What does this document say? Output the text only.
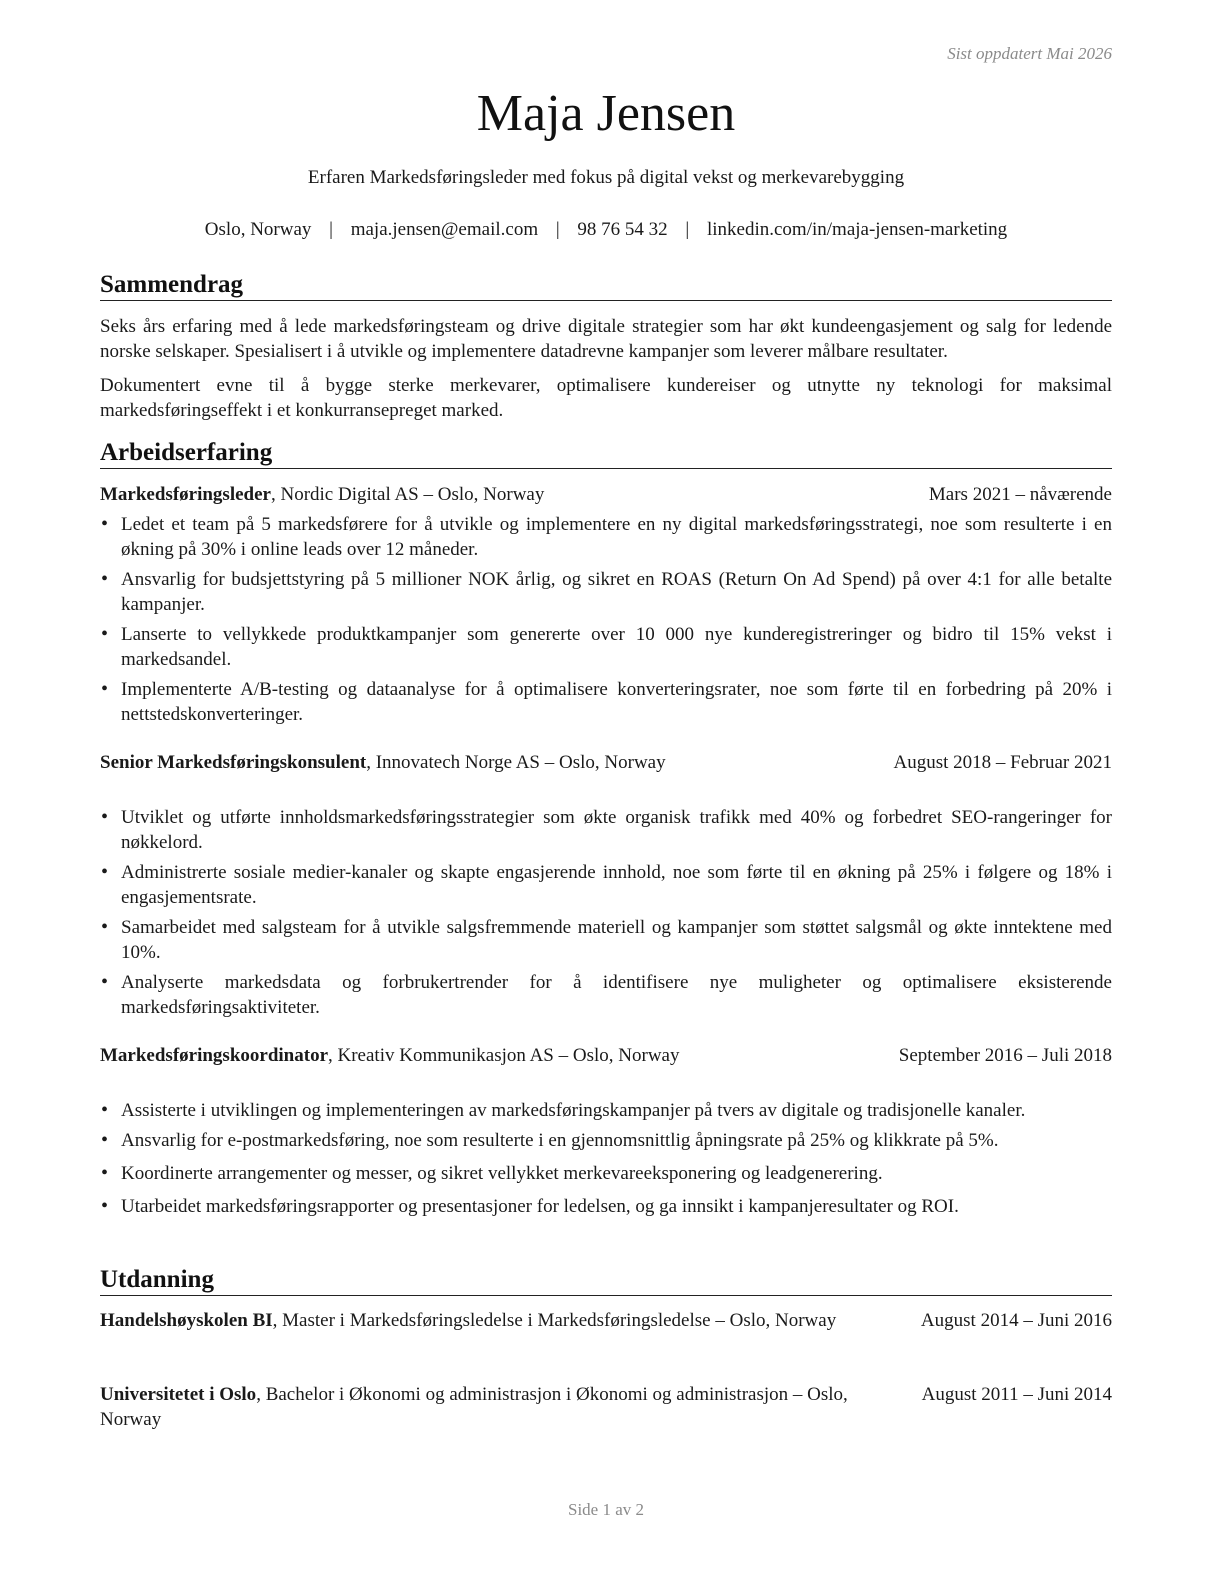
Sist oppdatert Mai 2026
Maja Jensen
Erfaren Markedsføringsleder med fokus på digital vekst og merkevarebygging
Oslo, Norway | maja.jensen@email.com | 98 76 54 32 | linkedin.com/in/maja-jensen-marketing
Sammendrag
Seks års erfaring med å lede markedsføringsteam og drive digitale strategier som har økt kundeengasjement og salg for ledende norske selskaper. Spesialisert i å utvikle og implementere datadrevne kampanjer som leverer målbare resultater.
Dokumentert evne til å bygge sterke merkevarer, optimalisere kundereiser og utnytte ny teknologi for maksimal markedsføringseffekt i et konkurransepreget marked.
Arbeidserfaring
Markedsføringsleder, Nordic Digital AS – Oslo, Norway	Mars 2021 – nåværende
• Ledet et team på 5 markedsførere for å utvikle og implementere en ny digital markedsføringsstrategi, noe som resulterte i en økning på 30% i online leads over 12 måneder.
• Ansvarlig for budsjettstyring på 5 millioner NOK årlig, og sikret en ROAS (Return On Ad Spend) på over 4:1 for alle betalte kampanjer.
• Lanserte to vellykkede produktkampanjer som genererte over 10 000 nye kunderegistreringer og bidro til 15% vekst i markedsandel.
• Implementerte A/B-testing og dataanalyse for å optimalisere konverteringsrater, noe som førte til en forbedring på 20% i nettstedskonverteringer.
Senior Markedsføringskonsulent, Innovatech Norge AS – Oslo, Norway	August 2018 – Februar 2021
• Utviklet og utførte innholdsmarkedsføringsstrategier som økte organisk trafikk med 40% og forbedret SEO-rangeringer for nøkkelord.
• Administrerte sosiale medier-kanaler og skapte engasjerende innhold, noe som førte til en økning på 25% i følgere og 18% i engasjementsrate.
• Samarbeidet med salgsteam for å utvikle salgsfremmende materiell og kampanjer som støttet salgsmål og økte inntektene med 10%.
• Analyserte markedsdata og forbrukertrender for å identifisere nye muligheter og optimalisere eksisterende markedsføringsaktiviteter.
Markedsføringskoordinator, Kreativ Kommunikasjon AS – Oslo, Norway	September 2016 – Juli 2018
• Assisterte i utviklingen og implementeringen av markedsføringskampanjer på tvers av digitale og tradisjonelle kanaler.
• Ansvarlig for e-postmarkedsføring, noe som resulterte i en gjennomsnittlig åpningsrate på 25% og klikkrate på 5%.
• Koordinerte arrangementer og messer, og sikret vellykket merkevareeksponering og leadgenerering.
• Utarbeidet markedsføringsrapporter og presentasjoner for ledelsen, og ga innsikt i kampanjeresultater og ROI.
Utdanning
Handelshøyskolen BI, Master i Markedsføringsledelse i Markedsføringsledelse – Oslo, Norway	August 2014 – Juni 2016
Universitetet i Oslo, Bachelor i Økonomi og administrasjon i Økonomi og administrasjon – Oslo, Norway
August 2011 – Juni 2014
Side 1 av 2
